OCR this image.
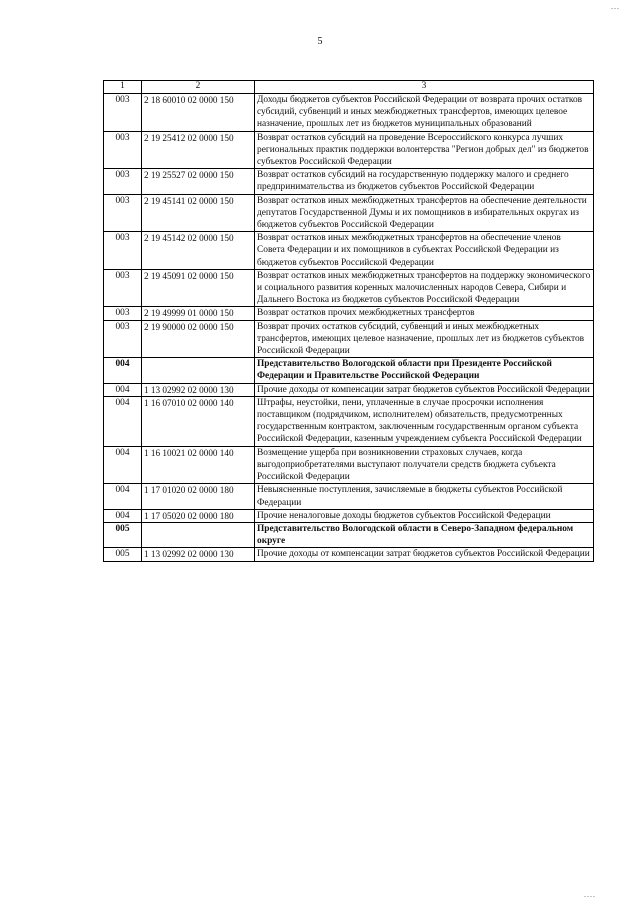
...
5
1	2	3
003	2 18 60010 02 0000 150	Доходы бюджетов субъектов Российской Федерации от возврата прочих остатков субсидий, субвенций и иных межбюджетных трансфертов, имеющих целевое назначение, прошлых лет из бюджетов муниципальных образований
003	2 19 25412 02 0000 150	Возврат остатков субсидий на проведение Всероссийского конкурса лучших региональных практик поддержки волонтерства "Регион добрых дел" из бюджетов субъектов Российской Федерации
003	2 19 25527 02 0000 150	Возврат остатков субсидий на государственную поддержку малого и среднего предпринимательства из бюджетов субъектов Российской Федерации
003	2 19 45141 02 0000 150	Возврат остатков иных межбюджетных трансфертов на обеспечение деятельности депутатов Государственной Думы и их помощников в избирательных округах из бюджетов субъектов Российской Федерации
003	2 19 45142 02 0000 150	Возврат остатков иных межбюджетных трансфертов на обеспечение членов Совета Федерации и их помощников в субъектах Российской Федерации из бюджетов субъектов Российской Федерации
003	2 19 45091 02 0000 150	Возврат остатков иных межбюджетных трансфертов на поддержку экономического и социального развития коренных малочисленных народов Севера, Сибири и Дальнего Востока из бюджетов субъектов Российской Федерации
003	2 19 49999 01 0000 150	Возврат остатков прочих межбюджетных трансфертов
003	2 19 90000 02 0000 150	Возврат прочих остатков субсидий, субвенций и иных межбюджетных трансфертов, имеющих целевое назначение, прошлых лет из бюджетов субъектов Российской Федерации
004		Представительство Вологодской области при Президенте Российской Федерации и Правительстве Российской Федерации
004	1 13 02992 02 0000 130	Прочие доходы от компенсации затрат бюджетов субъектов Российской Федерации
004	1 16 07010 02 0000 140	Штрафы, неустойки, пени, уплаченные в случае просрочки исполнения поставщиком (подрядчиком, исполнителем) обязательств, предусмотренных государственным контрактом, заключенным государственным органом субъекта Российской Федерации, казенным учреждением субъекта Российской Федерации
004	1 16 10021 02 0000 140	Возмещение ущерба при возникновении страховых случаев, когда выгодоприобретателями выступают получатели средств бюджета субъекта Российской Федерации
004	1 17 01020 02 0000 180	Невыясненные поступления, зачисляемые в бюджеты субъектов Российской Федерации
004	1 17 05020 02 0000 180	Прочие неналоговые доходы бюджетов субъектов Российской Федерации
005		Представительство Вологодской области в Северо-Западном федеральном округе
005	1 13 02992 02 0000 130	Прочие доходы от компенсации затрат бюджетов субъектов Российской Федерации
....
